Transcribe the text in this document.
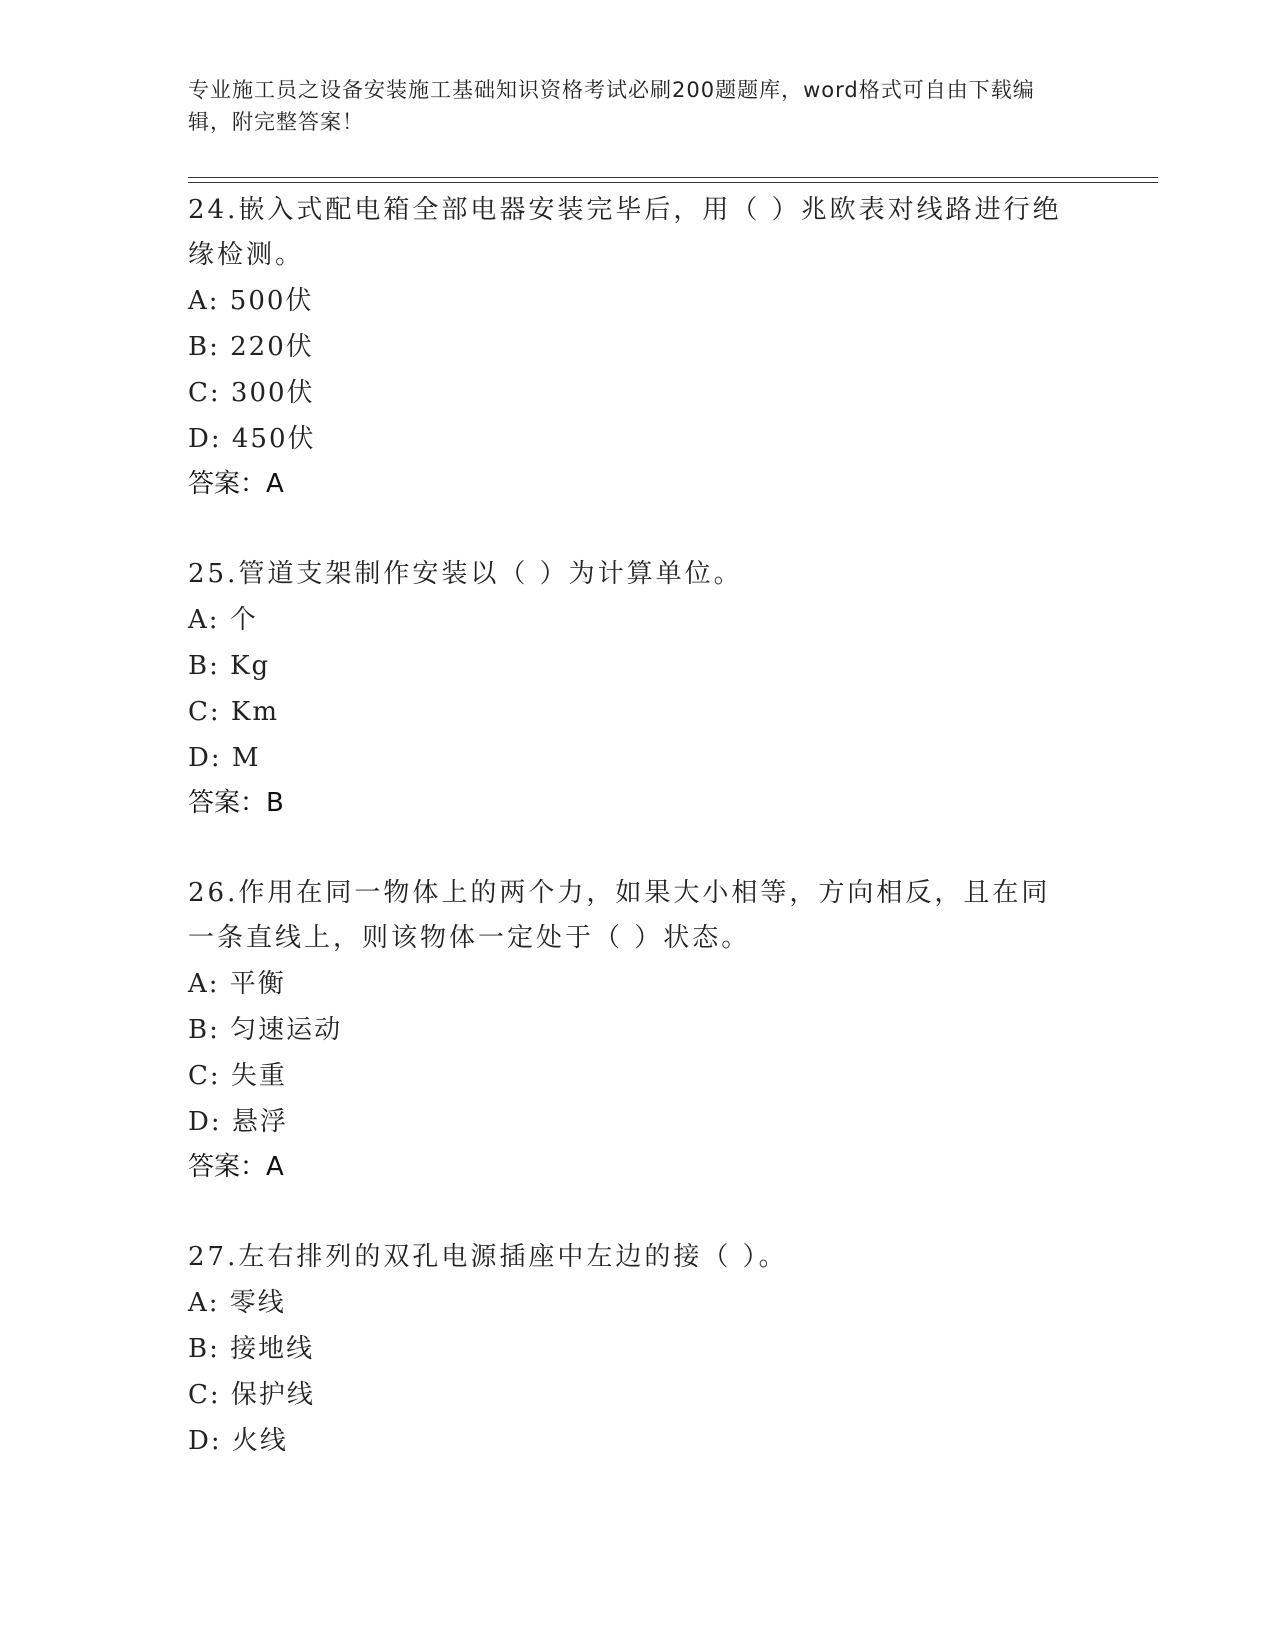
专业施工员之设备安装施工基础知识资格考试必刷200题题库，word格式可自由下载编辑，附完整答案！
24.嵌入式配电箱全部电器安装完毕后，用（ ）兆欧表对线路进行绝缘检测。
A: 500伏
B: 220伏
C: 300伏
D: 450伏
答案：A
25.管道支架制作安装以（ ）为计算单位。
A: 个
B: Kg
C: Km
D: M
答案：B
26.作用在同一物体上的两个力，如果大小相等，方向相反，且在同一条直线上，则该物体一定处于（ ）状态。
A: 平衡
B: 匀速运动
C: 失重
D: 悬浮
答案：A
27.左右排列的双孔电源插座中左边的接（ ）。
A: 零线
B: 接地线
C: 保护线
D: 火线
